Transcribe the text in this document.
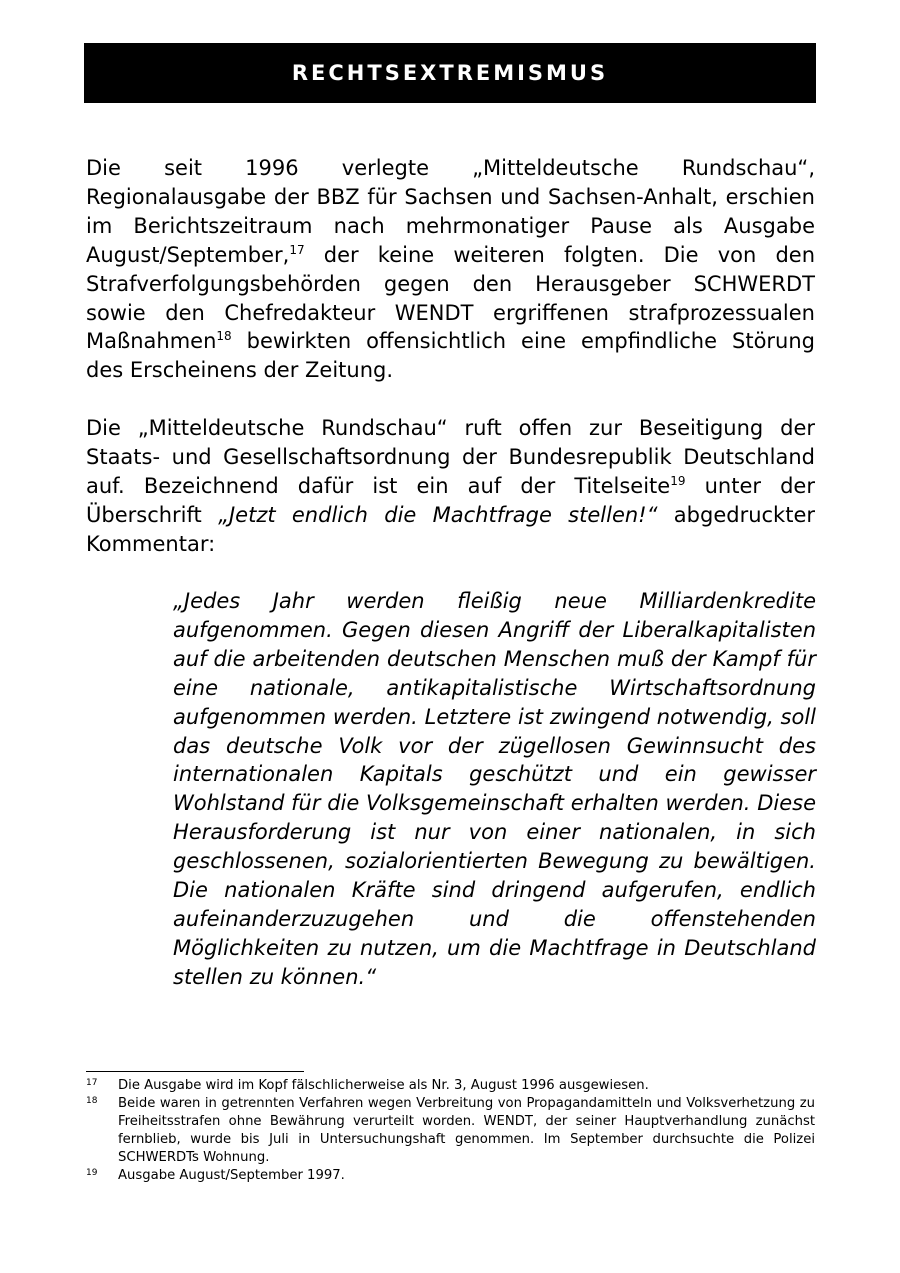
RECHTSEXTREMISMUS

Die seit 1996 verlegte „Mitteldeutsche Rundschau“, Regionalausgabe der BBZ für Sachsen und Sachsen-Anhalt, erschien im Berichtszeitraum nach mehrmonatiger Pause als Ausgabe August/September,$^{17}$ der keine weiteren folgten. Die von den Strafverfolgungsbehörden gegen den Herausgeber SCHWERDT sowie den Chefredakteur WENDT ergriffenen strafprozessualen Maßnahmen$^{18}$ bewirkten offensichtlich eine empfindliche Störung des Erscheinens der Zeitung.

Die „Mitteldeutsche Rundschau“ ruft offen zur Beseitigung der Staats- und Gesellschaftsordnung der Bundesrepublik Deutschland auf. Bezeichnend dafür ist ein auf der Titelseite$^{19}$ unter der Überschrift „Jetzt endlich die Machtfrage stellen!“ abgedruckter Kommentar:

„Jedes Jahr werden fleißig neue Milliardenkredite aufgenommen. Gegen diesen Angriff der Liberalkapitalisten auf die arbeitenden deutschen Menschen muß der Kampf für eine nationale, antikapitalistische Wirtschaftsordnung aufgenommen werden. Letztere ist zwingend notwendig, soll das deutsche Volk vor der zügellosen Gewinnsucht des internationalen Kapitals geschützt und ein gewisser Wohlstand für die Volksgemeinschaft erhalten werden. Diese Herausforderung ist nur von einer nationalen, in sich geschlossenen, sozialorientierten Bewegung zu bewältigen. Die nationalen Kräfte sind dringend aufgerufen, endlich aufeinanderzuzugehen und die offenstehenden Möglichkeiten zu nutzen, um die Machtfrage in Deutschland stellen zu können.“

17	Die Ausgabe wird im Kopf fälschlicherweise als Nr. 3, August 1996 ausgewiesen.
18	Beide waren in getrennten Verfahren wegen Verbreitung von Propagandamitteln und Volksverhetzung zu Freiheitsstrafen ohne Bewährung verurteilt worden. WENDT, der seiner Hauptverhandlung zunächst fernblieb, wurde bis Juli in Untersuchungshaft genommen. Im September durchsuchte die Polizei SCHWERDTs Wohnung.
19	Ausgabe August/September 1997.
